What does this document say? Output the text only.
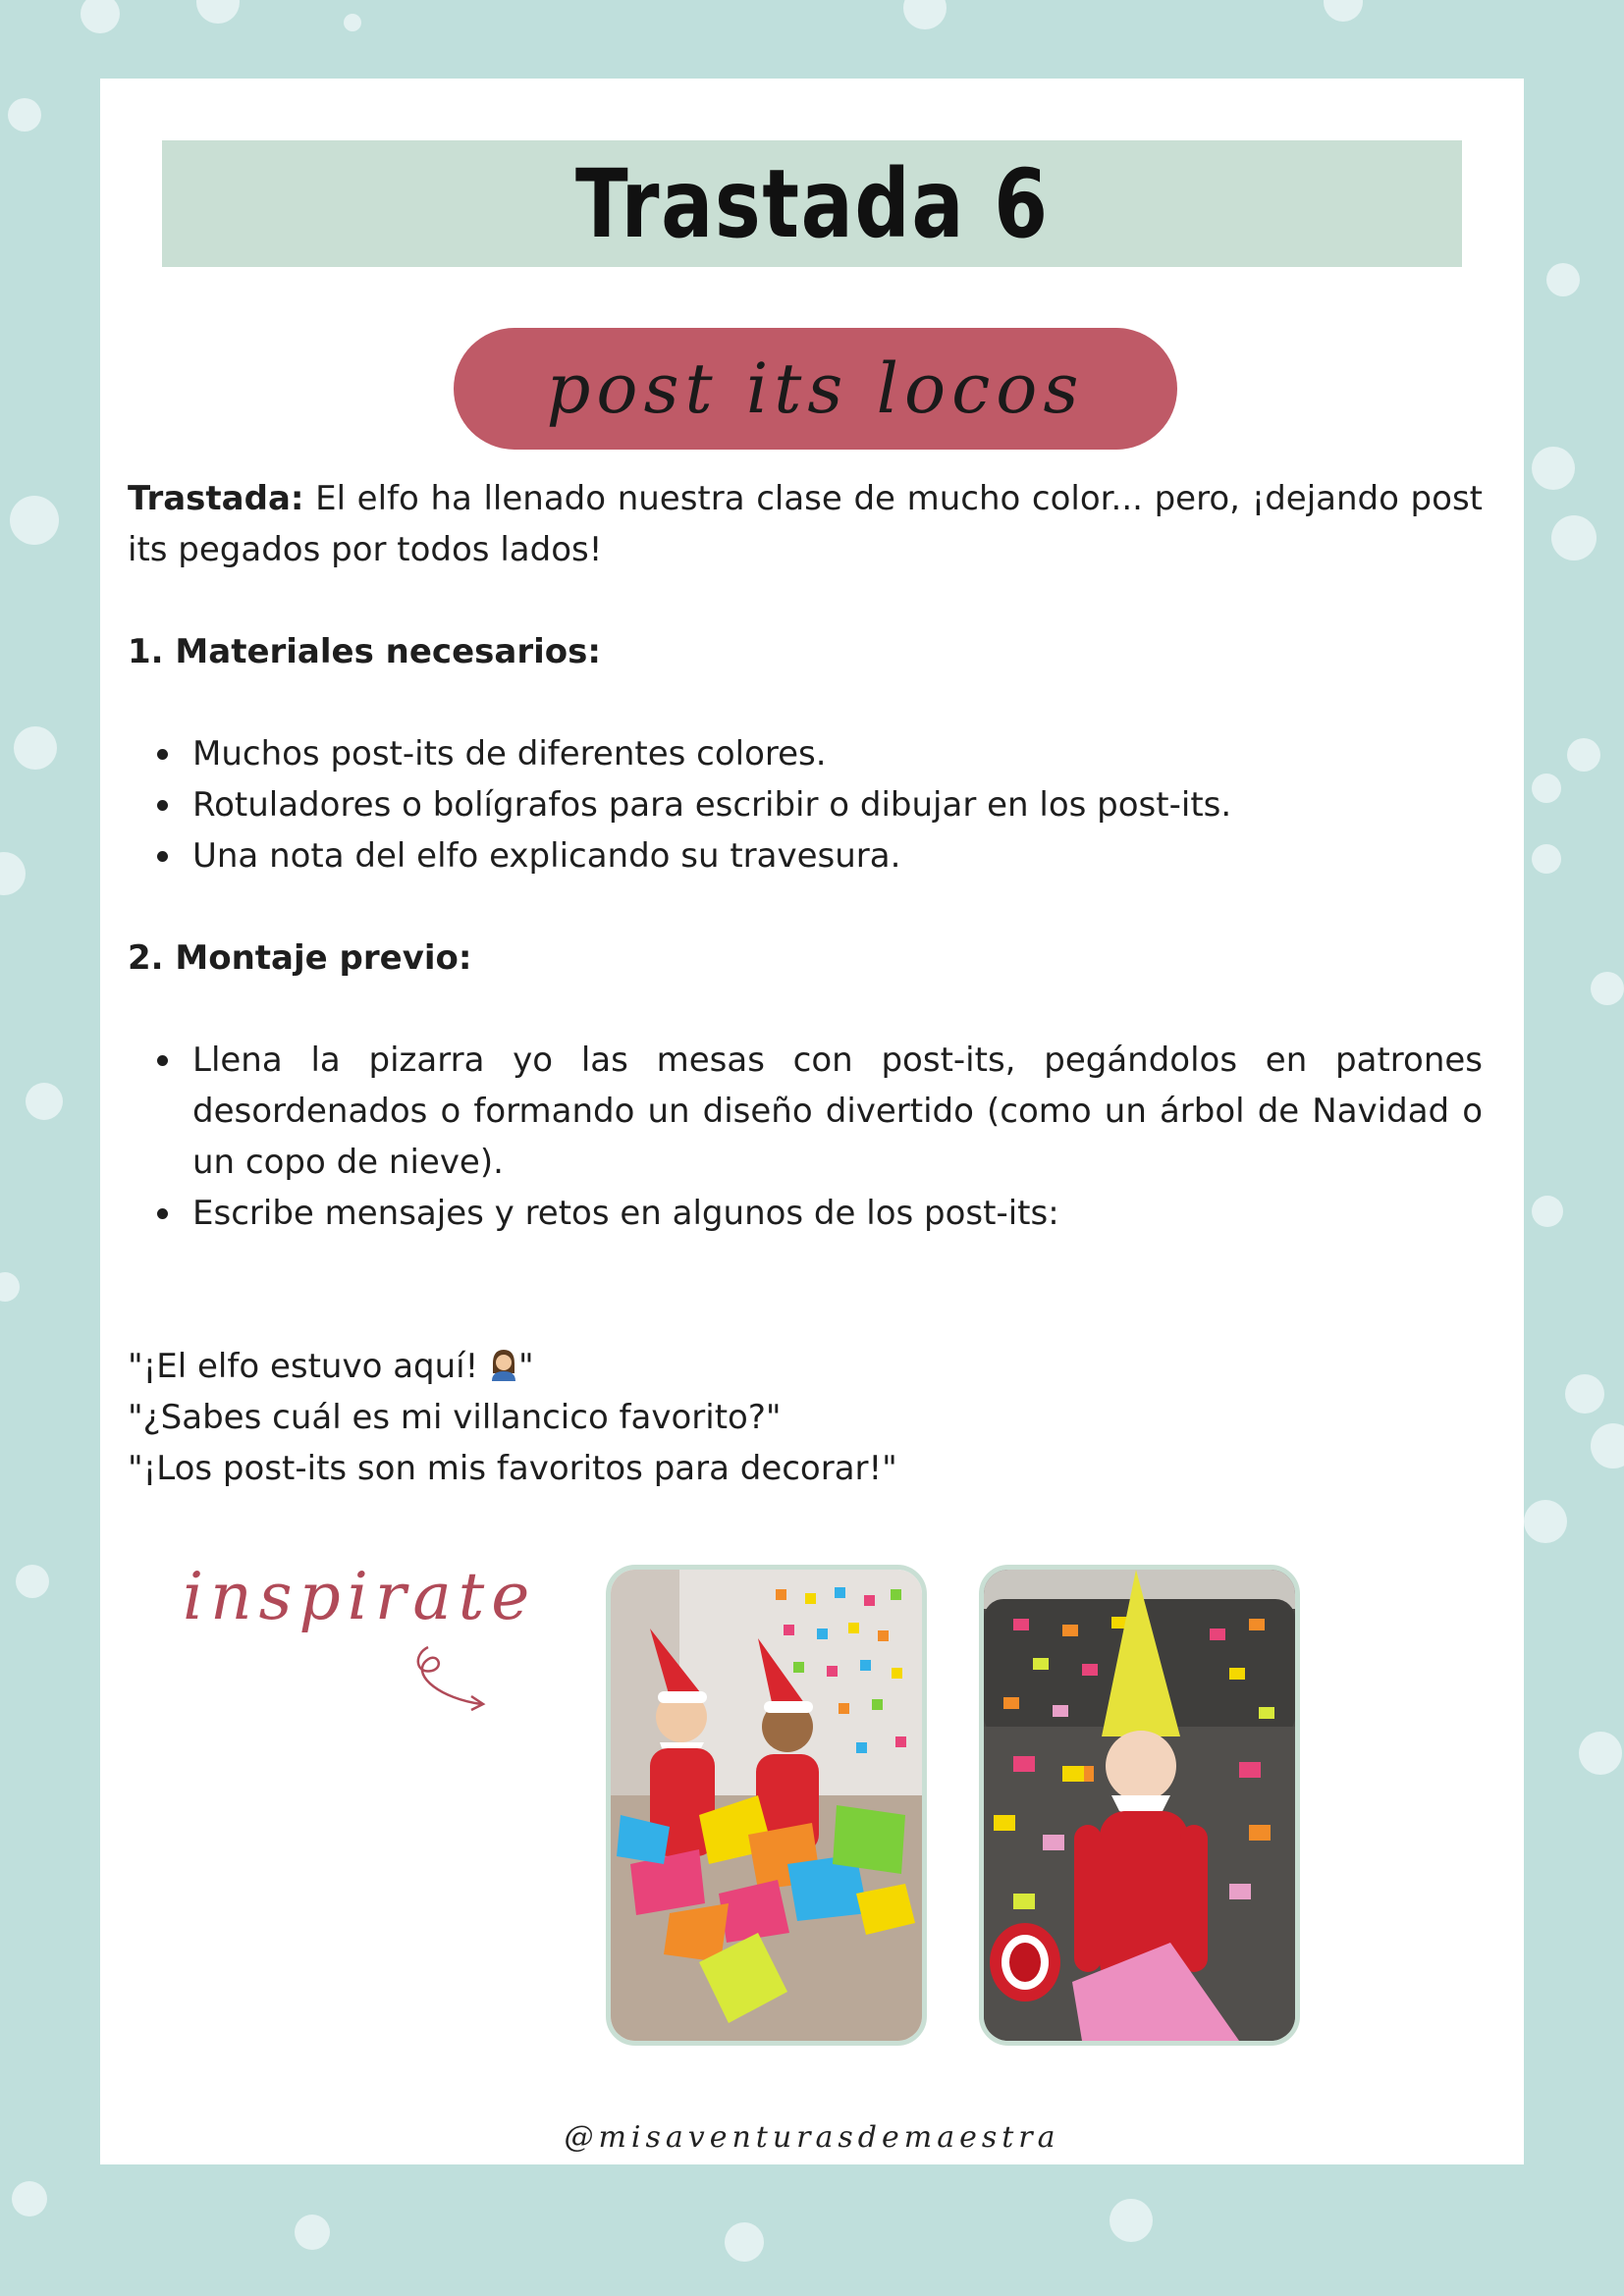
Trastada 6
post its locos
Trastada: El elfo ha llenado nuestra clase de mucho color... pero, ¡dejando post its pegados por todos lados!
1. Materiales necesarios:
Muchos post-its de diferentes colores.
Rotuladores o bolígrafos para escribir o dibujar en los post-its.
Una nota del elfo explicando su travesura.
2. Montaje previo:
Llena la pizarra yo las mesas con post-its, pegándolos en patrones desordenados o formando un diseño divertido (como un árbol de Navidad o un copo de nieve).
Escribe mensajes y retos en algunos de los post-its:
"¡El elfo estuvo aquí! "
"¿Sabes cuál es mi villancico favorito?"
"¡Los post-its son mis favoritos para decorar!"
inspirate
@misaventurasdemaestra
